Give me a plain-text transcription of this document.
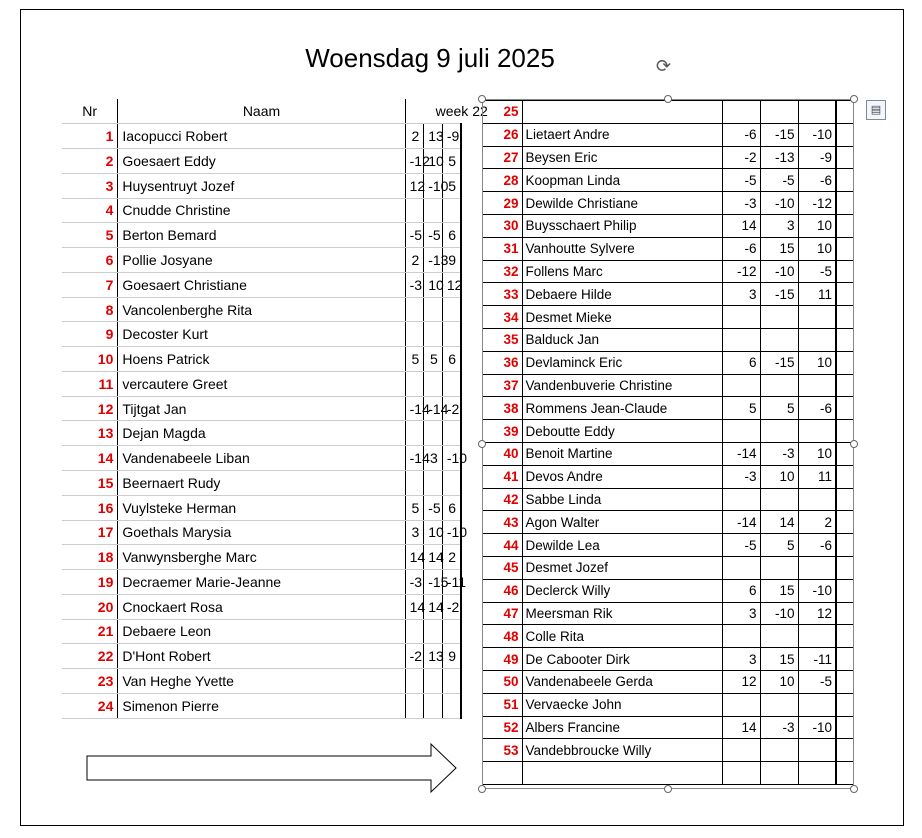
Woensdag 9 juli 2025
Nr	Naam	week 22		
1	Iacopucci Robert	2	13	-9
2	Goesaert Eddy	-12	10	5
3	Huysentruyt Jozef	12	-10	5
4	Cnudde Christine			
5	Berton Bemard	-5	-5	6
6	Pollie Josyane	2	-13	9
7	Goesaert Christiane	-3	10	12
8	Vancolenberghe Rita			
9	Decoster Kurt			
10	Hoens Patrick	5	5	6
11	vercautere Greet			
12	Tijtgat Jan	-14	-14	-2
13	Dejan Magda			
14	Vandenabeele Liban	-14	3	-10
15	Beernaert Rudy			
16	Vuylsteke Herman	5	-5	6
17	Goethals Marysia	3	10	-10
18	Vanwynsberghe Marc	14	14	2
19	Decraemer Marie-Jeanne	-3	-15	-11
20	Cnockaert Rosa	14	14	-2
21	Debaere Leon			
22	D'Hont Robert	-2	13	9
23	Van Heghe Yvette			
24	Simenon Pierre			
25					
26	Lietaert Andre	-6	-15	-10	
27	Beysen Eric	-2	-13	-9	
28	Koopman Linda	-5	-5	-6	
29	Dewilde Christiane	-3	-10	-12	
30	Buysschaert Philip	14	3	10	
31	Vanhoutte Sylvere	-6	15	10	
32	Follens Marc	-12	-10	-5	
33	Debaere Hilde	3	-15	11	
34	Desmet Mieke				
35	Balduck Jan				
36	Devlaminck Eric	6	-15	10	
37	Vandenbuverie Christine				
38	Rommens Jean-Claude	5	5	-6	
39	Deboutte Eddy				
40	Benoit Martine	-14	-3	10	
41	Devos Andre	-3	10	11	
42	Sabbe Linda				
43	Agon Walter	-14	14	2	
44	Dewilde Lea	-5	5	-6	
45	Desmet Jozef				
46	Declerck Willy	6	15	-10	
47	Meersman Rik	3	-10	12	
48	Colle Rita				
49	De Cabooter Dirk	3	15	-11	
50	Vandenabeele Gerda	12	10	-5	
51	Vervaecke John				
52	Albers Francine	14	-3	-10	
53	Vandebbroucke Willy				

⟳
▤
